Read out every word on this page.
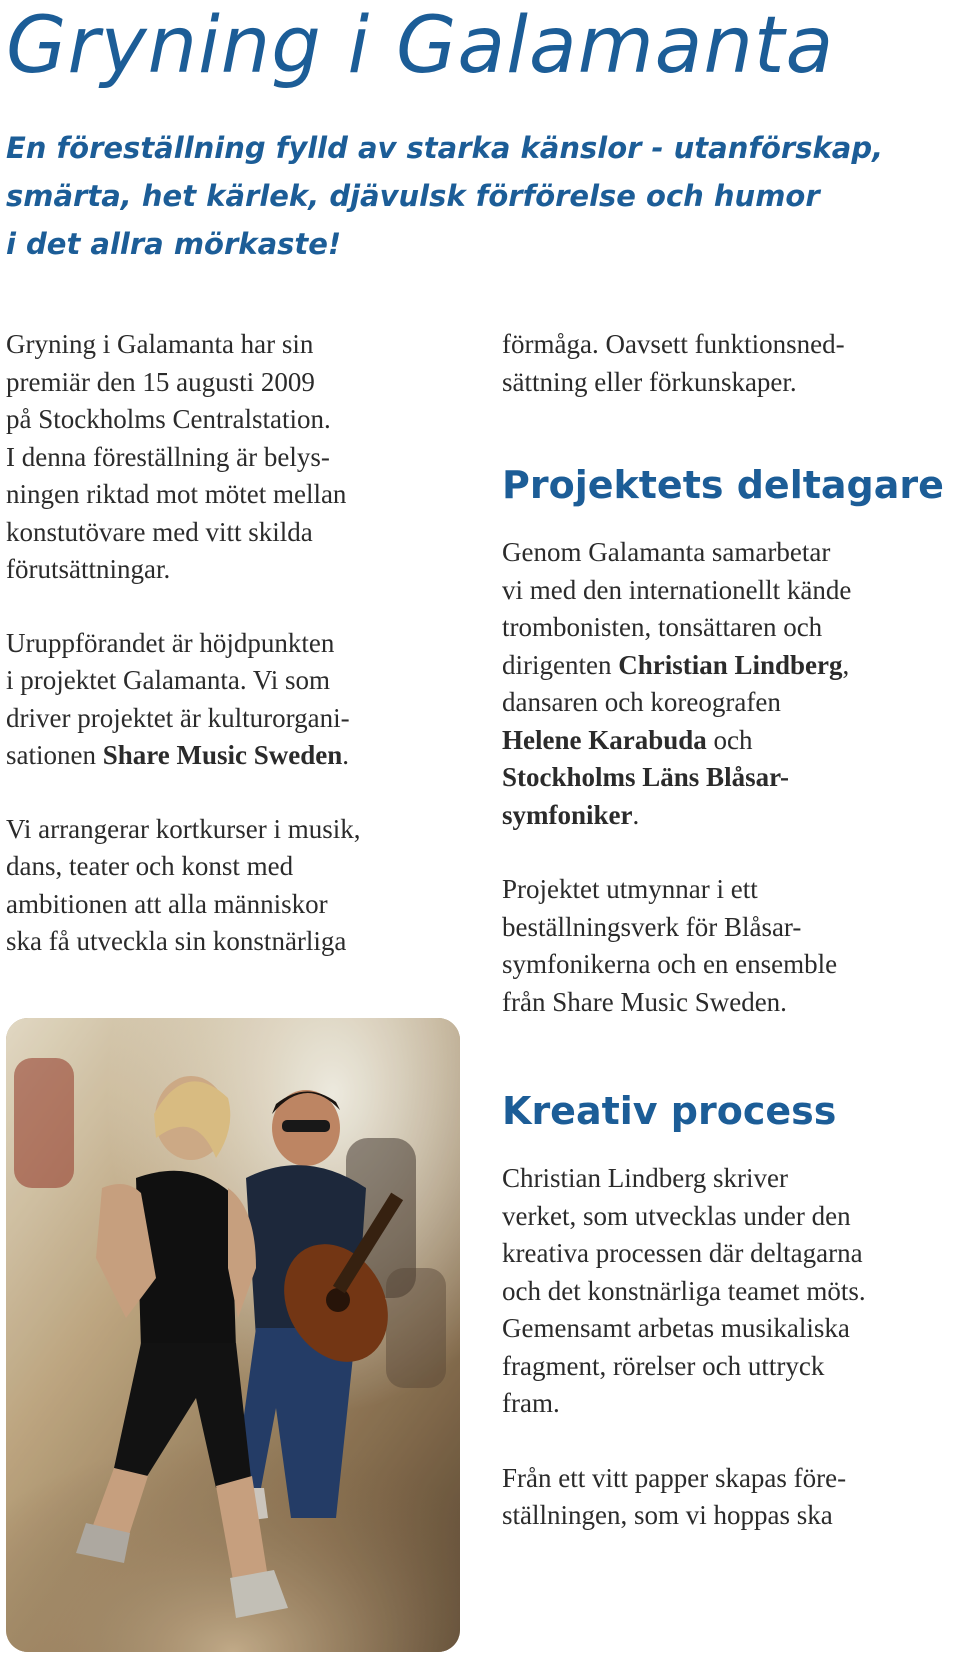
Gryning i Galamanta
En föreställning fylld av starka känslor - utanförskap,
smärta, het kärlek, djävulsk förförelse och humor
i det allra mörkaste!

Gryning i Galamanta har sin
premiär den 15 augusti 2009
på Stockholms Centralstation.
I denna föreställning är belys-
ningen riktad mot mötet mellan
konstutövare med vitt skilda
förutsättningar.

Uruppförandet är höjdpunkten
i projektet Galamanta. Vi som
driver projektet är kulturorgani-
sationen Share Music Sweden.

Vi arrangerar kortkurser i musik,
dans, teater och konst med
ambitionen att alla människor
ska få utveckla sin konstnärliga

förmåga. Oavsett funktionsned-
sättning eller förkunskaper.

Projektets deltagare

Genom Galamanta samarbetar
vi med den internationellt kände
trombonisten, tonsättaren och
dirigenten Christian Lindberg,
dansaren och koreografen
Helene Karabuda och
Stockholms Läns Blåsar-
symfoniker.

Projektet utmynnar i ett
beställningsverk för Blåsar-
symfonikerna och en ensemble
från Share Music Sweden.

Kreativ process

Christian Lindberg skriver
verket, som utvecklas under den
kreativa processen där deltagarna
och det konstnärliga teamet möts.
Gemensamt arbetas musikaliska
fragment, rörelser och uttryck
fram.

Från ett vitt papper skapas före-
ställningen, som vi hoppas ska
